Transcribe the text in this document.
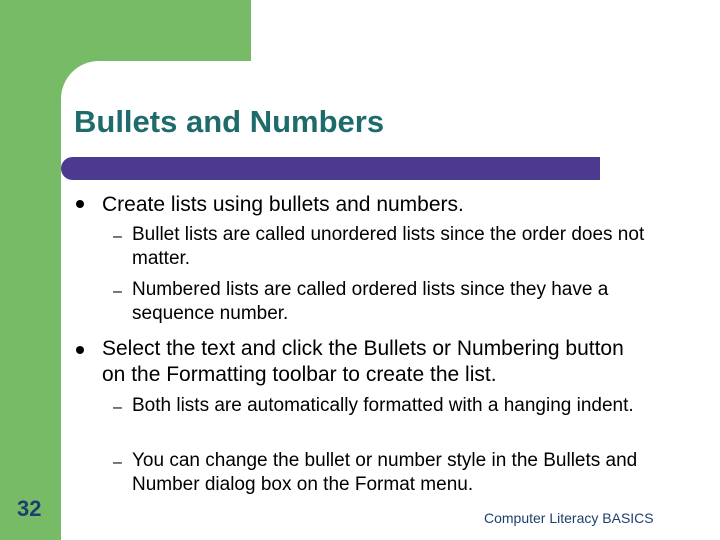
Bullets and Numbers
Create lists using bullets and numbers.
– Bullet lists are called unordered lists since the order does not matter.
– Numbered lists are called ordered lists since they have a sequence number.
Select the text and click the Bullets or Numbering button on the Formatting toolbar to create the list.
– Both lists are automatically formatted with a hanging indent.
– You can change the bullet or number style in the Bullets and Number dialog box on the Format menu.
32	Computer Literacy BASICS
